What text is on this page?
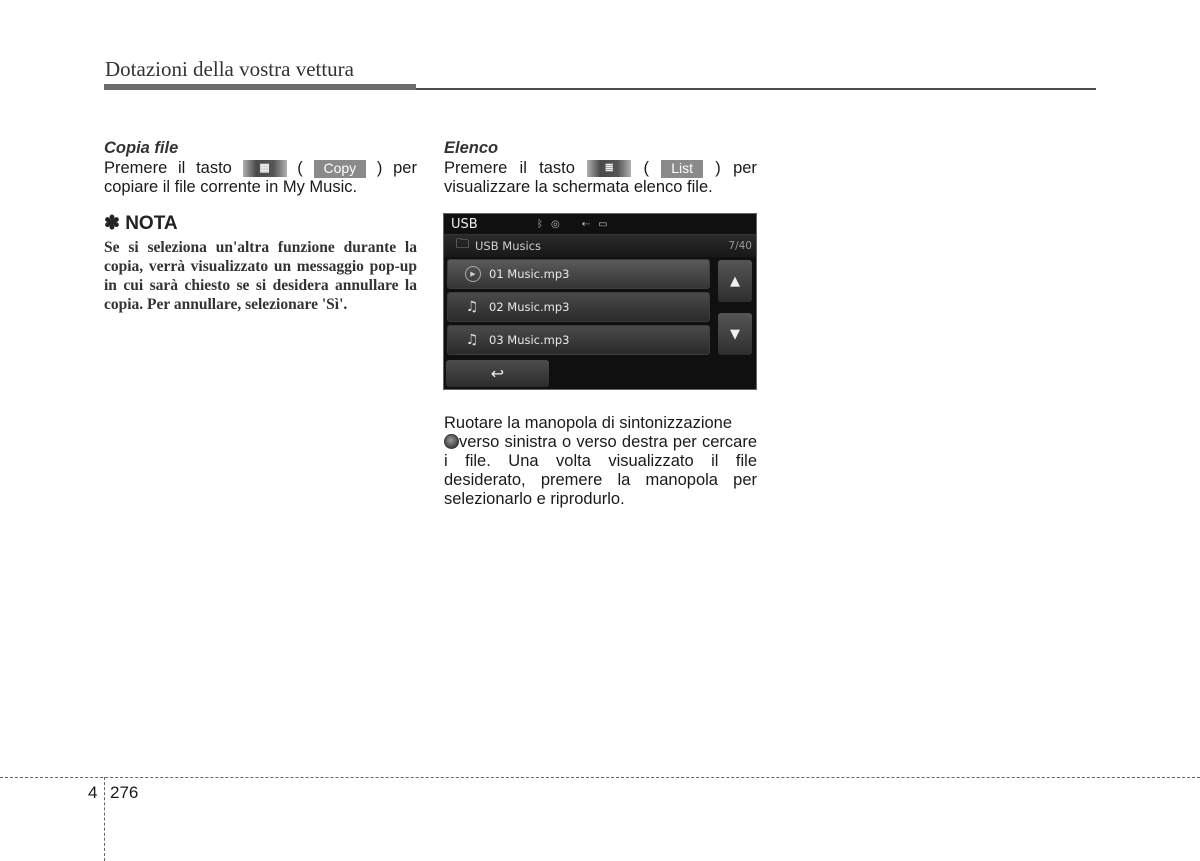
Dotazioni della vostra vettura

Copia file

Premere il tasto	▦	(	Copy	) per

copiare il file corrente in My Music.

✽ NOTA

Se si seleziona un'altra funzione durante la copia, verrà visualizzato un messaggio pop-up in cui sarà chiesto se si desidera annullare la copia. Per annullare, selezionare 'Sì'.

Elenco

Premere il tasto	≣	(	List	) per

visualizzare la schermata elenco file.

USB	ᛒ ◎ ⇠ ▭
🗀 USB Musics	7/40
▶	01 Music.mp3
♫ 02 Music.mp3
♫ 03 Music.mp3
▲
▼
↩

Ruotare la manopola di sintonizzazione

verso sinistra o verso destra per cercare i file. Una volta visualizzato il file desiderato, premere la manopola per selezionarlo e riprodurlo.

4 276
